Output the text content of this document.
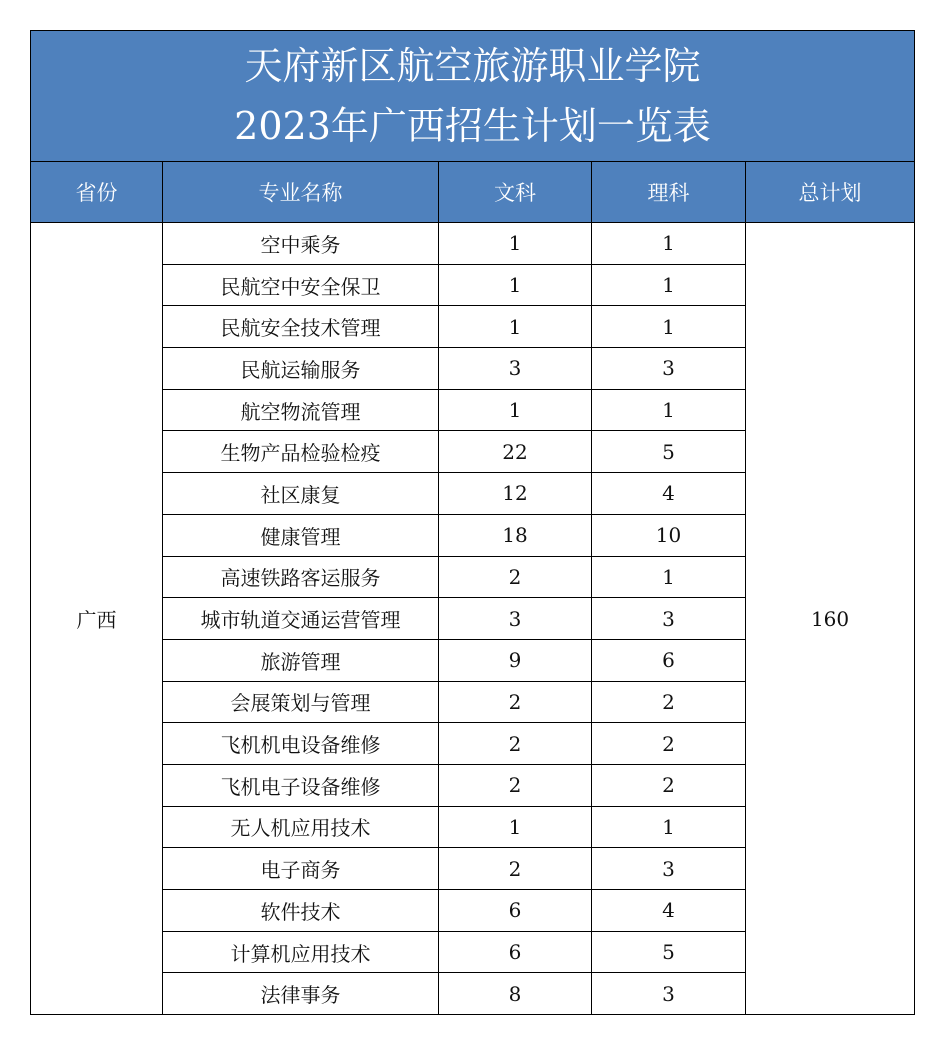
天府新区航空旅游职业学院
2023年广西招生计划一览表				

省份	专业名称	文科	理科	总计划
广西	空中乘务	1	1	160
	民航空中安全保卫	1	1	
	民航安全技术管理	1	1	
	民航运输服务	3	3	
	航空物流管理	1	1	
	生物产品检验检疫	22	5	
	社区康复	12	4	
	健康管理	18	10	
	高速铁路客运服务	2	1	
	城市轨道交通运营管理	3	3	
	旅游管理	9	6	
	会展策划与管理	2	2	
	飞机机电设备维修	2	2	
	飞机电子设备维修	2	2	
	无人机应用技术	1	1	
	电子商务	2	3	
	软件技术	6	4	
	计算机应用技术	6	5	
	法律事务	8	3	
